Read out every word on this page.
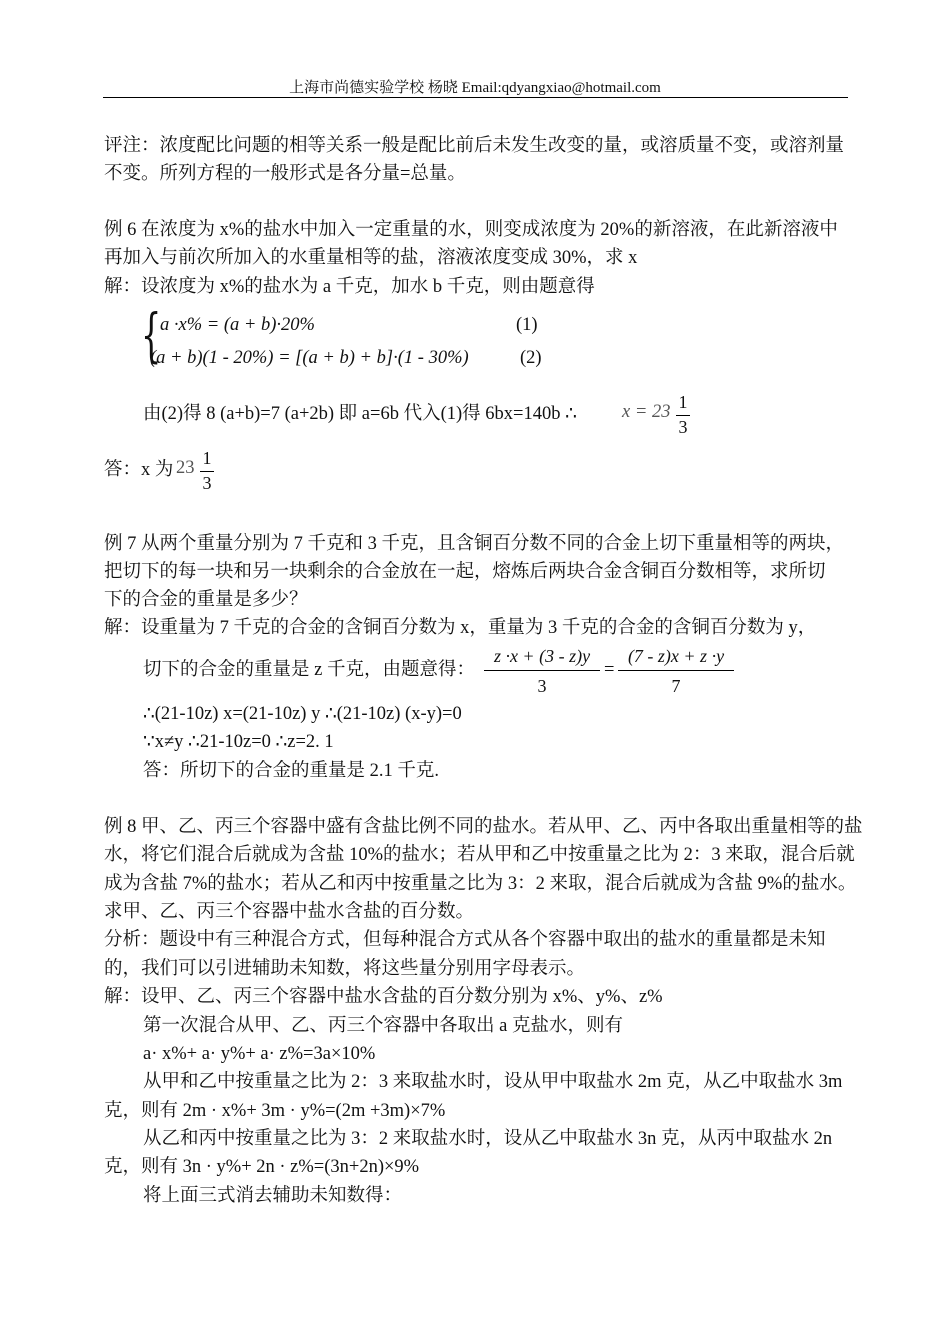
上海市尚德实验学校 杨晓 Email:qdyangxiao@hotmail.com
评注：浓度配比问题的相等关系一般是配比前后未发生改变的量，或溶质量不变，或溶剂量
不变。所列方程的一般形式是各分量=总量。
例 6 在浓度为 x%的盐水中加入一定重量的水，则变成浓度为 20%的新溶液，在此新溶液中
再加入与前次所加入的水重量相等的盐，溶液浓度变成 30%，求 x
解：设浓度为 x%的盐水为 a 千克，加水 b 千克，则由题意得
{
a ·x% = (a + b)·20%	(1)
(a + b)(1 - 20%) = [(a + b) + b]·(1 - 30%)	(2)
由(2)得 8 (a+b)=7 (a+2b) 即 a=6b 代入(1)得 6bx=140b ∴ x = 23 1
3
答：x 为 23 1
3
例 7 从两个重量分别为 7 千克和 3 千克，且含铜百分数不同的合金上切下重量相等的两块，
把切下的每一块和另一块剩余的合金放在一起，熔炼后两块合金含铜百分数相等，求所切
下的合金的重量是多少？
解：设重量为 7 千克的合金的含铜百分数为 x，重量为 3 千克的合金的含铜百分数为 y，
切下的合金的重量是 z 千克，由题意得：
z ·x + (3 - z)y
3
=
(7 - z)x + z ·y
7
∴(21-10z) x=(21-10z) y ∴(21-10z) (x-y)=0
∵x≠y ∴21-10z=0 ∴z=2. 1
答：所切下的合金的重量是 2.1 千克.
例 8 甲、乙、丙三个容器中盛有含盐比例不同的盐水。若从甲、乙、丙中各取出重量相等的盐
水，将它们混合后就成为含盐 10%的盐水；若从甲和乙中按重量之比为 2：3 来取，混合后就
成为含盐 7%的盐水；若从乙和丙中按重量之比为 3：2 来取，混合后就成为含盐 9%的盐水。
求甲、乙、丙三个容器中盐水含盐的百分数。
分析：题设中有三种混合方式，但每种混合方式从各个容器中取出的盐水的重量都是未知
的，我们可以引进辅助未知数，将这些量分别用字母表示。
解：设甲、乙、丙三个容器中盐水含盐的百分数分别为 x%、y%、z%
第一次混合从甲、乙、丙三个容器中各取出 a 克盐水，则有
a· x%+ a· y%+ a· z%=3a×10%
从甲和乙中按重量之比为 2：3 来取盐水时，设从甲中取盐水 2m 克，从乙中取盐水 3m
克，则有 2m · x%+ 3m · y%=(2m +3m)×7%
从乙和丙中按重量之比为 3：2 来取盐水时，设从乙中取盐水 3n 克，从丙中取盐水 2n
克，则有 3n · y%+ 2n · z%=(3n+2n)×9%
将上面三式消去辅助未知数得：
